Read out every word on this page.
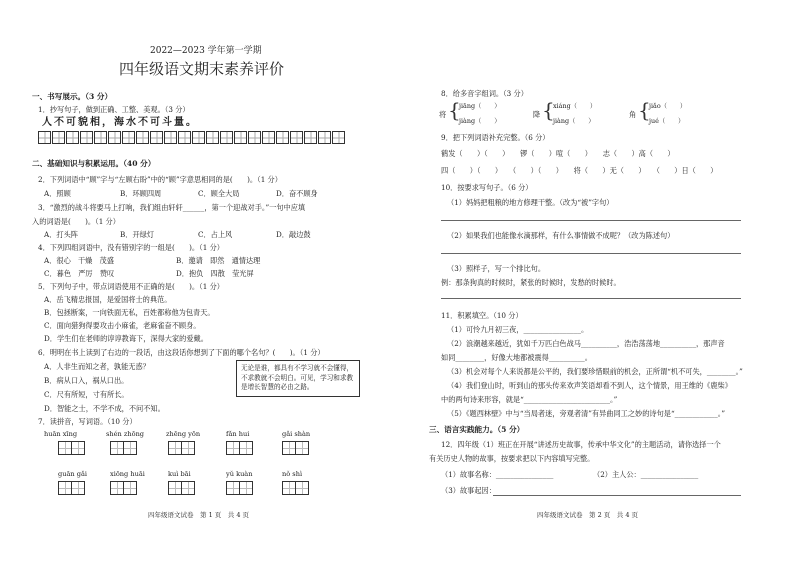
2022—2023 学年第一学期
四年级语文期末素养评价
一、书写展示。（3 分）
1．抄写句子，做到正确、工整、美观。（3 分）
人不可貌相，海水不可斗量。
二、基础知识与积累运用。（40 分）
2．下列词语中“顾”字与“左顾右盼”中的“顾”字意思相同的是(　　)。（1 分）
A．照顾	B．环顾四周	C．顾全大局	D．奋不顾身
3．“激烈的战斗将要马上打响，我们组由轩轩______，第一个迎战对手。”一句中应填
入的词语是(　　)。（1 分）
A．打头阵	B．开绿灯	C．占上风	D．敲边鼓
4．下列四组词语中，没有错别字的一组是(　　)。（1 分）
A．很心　干燥　茂盛	B．邀请　即然　通情达理
C．暮色　严厉　赞叹	D．抱负　四散　莹光屏
5．下列句子中，带点词语使用不正确的是(　　)。（1 分）
A．岳飞精忠报国，是爱国将士的典范。
B．包拯断案，一向铁面无私，百姓都称他为包青天。
C．面向猎狗得要攻击小麻雀，老麻雀奋不顾身。
D．学生们在老师的谆谆教诲下，深得大家的爱戴。
6．明明在书上读到了右边的一段话，由这段话你想到了下面的哪个名句？(　　)。（1 分）
A．人非生而知之者，孰能无惑？
B．病从口入，祸从口出。
C．尺有所短，寸有所长。
D．智能之士，不学不成，不问不知。
无论是谁，都具有不学习就不会懂得，不求教就不会明白。可见，学习和求教是增长智慧的必由之路。
7．读拼音，写词语。（10 分）
huān xīng	shén zhōng	zhēng yōn	fǎn hui	gǎi shàn
guān gǎi	xiōng huāi	kuì bāi	yǔ kuàn	nǒ shì
四年级语文试卷　第 1 页　共 4 页
8．给多音字组词。（3 分）
将 {
jiāng（　　）
jiàng（　　）
降 {
xiáng（　　）
jiàng（　　）
角 {
jiǎo（　　）
jué（　　）
9．把下列词语补充完整。（6 分）
鹤发（　　）（　　）　　锣（　　）喧（　　）　　志（　　）高（　　）
四（　　）（　　） （　　）（　　）　　将（　　）无（　　）　　（　　）日（　　）
10．按要求写句子。（6 分）
（1）妈妈把粗粮的地方修理干整。（改为“被”字句）
（2）如果我们也能像水滴那样，有什么事情做不成呢？（改为陈述句）
（3）照样子，写一个排比句。
例：那条狗真的时候时，紧张的时候时，发愁的时候时。
11．积累填空。（10 分）
（1）可怜九月初三夜，________________。
（2）浪潮越来越近，犹如千万匹白色战马__________，浩浩荡荡地__________，那声音
如同________，好像大地都被震得__________。
（3）机会对每个人来说都是公平的，我们要珍惜眼前的机会，正所谓“机不可失，________。”
（4）我们登山时，听到山的那头传来欢声笑语却看不到人，这个情景，用王维的《鹿柴》
中的两句诗来形容，就是“________________________。”
（5）《题西林壁》中与“当局者迷，旁观者清”有异曲同工之妙的诗句是“____________。”
三、语言实践能力。（5 分）
12．四年级（1）班正在开展“讲述历史故事，传承中华文化”的主题活动，请你选择一个
有关历史人物的故事，按要求把以下内容填写完整。
（1）故事名称：________________	（2）主人公：________________
（3）故事起因：
四年级语文试卷　第 2 页　共 4 页
